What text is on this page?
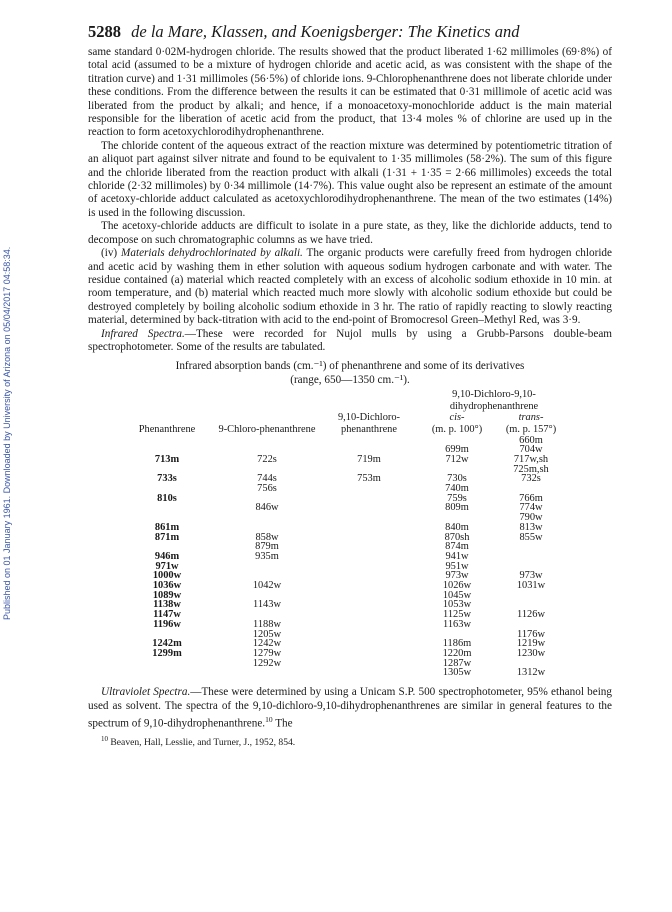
Published on 01 January 1961. Downloaded by University of Arizona on 05/04/2017 04:58:34.
5288 de la Mare, Klassen, and Koenigsberger: The Kinetics and

same standard 0·02M-hydrogen chloride. The results showed that the product liberated 1·62 millimoles (69·8%) of total acid (assumed to be a mixture of hydrogen chloride and acetic acid, as was consistent with the shape of the titration curve) and 1·31 millimoles (56·5%) of chloride ions. 9-Chlorophenanthrene does not liberate chloride under these conditions. From the difference between the results it can be estimated that 0·31 millimole of acetic acid was liberated from the product by alkali; and hence, if a monoacetoxy-monochloride adduct is the main material responsible for the liberation of acetic acid from the product, that 13·4 moles % of chlorine are used up in the reaction to form acetoxychlorodihydrophenanthrene.

The chloride content of the aqueous extract of the reaction mixture was determined by potentiometric titration of an aliquot part against silver nitrate and found to be equivalent to 1·35 millimoles (58·2%). The sum of this figure and the chloride liberated from the reaction product with alkali (1·31 + 1·35 = 2·66 millimoles) exceeds the total chloride (2·32 millimoles) by 0·34 millimole (14·7%). This value ought also be represent an estimate of the amount of acetoxy-chloride adduct calculated as acetoxychlorodihydrophenanthrene. The mean of the two estimates (14%) is used in the following discussion.

The acetoxy-chloride adducts are difficult to isolate in a pure state, as they, like the dichloride adducts, tend to decompose on such chromatographic columns as we have tried.

(iv) Materials dehydrochlorinated by alkali. The organic products were carefully freed from hydrogen chloride and acetic acid by washing them in ether solution with aqueous sodium hydrogen carbonate and with water. The residue contained (a) material which reacted completely with an excess of alcoholic sodium ethoxide in 10 min. at room temperature, and (b) material which reacted much more slowly with alcoholic sodium ethoxide but could be destroyed completely by boiling alcoholic sodium ethoxide in 3 hr. The ratio of rapidly reacting to slowly reacting material, determined by back-titration with acid to the end-point of Bromocresol Green–Methyl Red, was 3·9.

Infrared Spectra.—These were recorded for Nujol mulls by using a Grubb-Parsons double-beam spectrophotometer. Some of the results are tabulated.

Infrared absorption bands (cm.⁻¹) of phenanthrene and some of its derivatives
(range, 650—1350 cm.⁻¹).
Phenanthrene	9-Chloro-phenanthrene	9,10-Dichloro-phenanthrene	9,10-Dichloro-9,10-dihydrophenanthrene	
			cis-	trans-
			(m. p. 100°)	(m. p. 157°)
				660m
			699m	704w
713m	722s	719m	712w	717w,sh
				725m,sh
733s	744s	753m	730s	732s
	756s		740m	
810s			759s	766m
	846w		809m	774w
				790w
861m			840m	813w
871m	858w		870sh	855w
	879m		874m	
946m	935m		941w	
971w			951w	
1000w			973w	973w
1036w	1042w		1026w	1031w
1089w			1045w	
1138w	1143w		1053w	
1147w			1125w	1126w
1196w	1188w		1163w	
	1205w			1176w
1242m	1242w		1186m	1219w
1299m	1279w		1220m	1230w
	1292w		1287w	
			1305w	1312w

Ultraviolet Spectra.—These were determined by using a Unicam S.P. 500 spectrophotometer, 95% ethanol being used as solvent. The spectra of the 9,10-dichloro-9,10-dihydrophenanthrenes are similar in general features to the spectrum of 9,10-dihydrophenanthrene.$^{10}$ The

$^{10}$ Beaven, Hall, Lesslie, and Turner, J., 1952, 854.
